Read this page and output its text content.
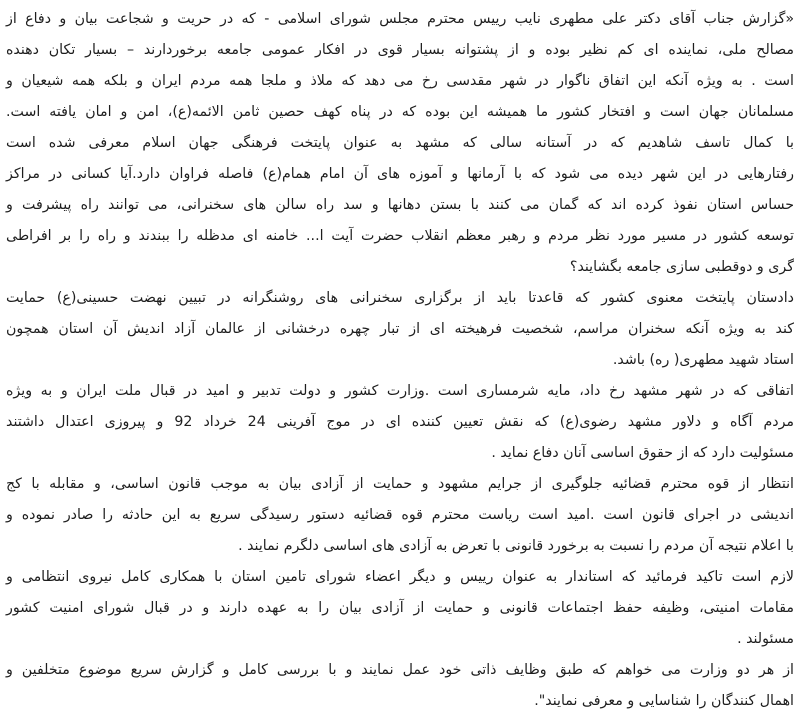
«گزارش جناب آقای دکتر علی مطهری نایب رییس محترم مجلس شورای اسلامی - که در حریت و شجاعت بیان و دفاع از
مصالح ملی، نماینده ای کم نظیر بوده و از پشتوانه بسیار قوی در افکار عمومی جامعه برخوردارند – بسیار تکان دهنده
است . به ویژه آنکه این اتفاق ناگوار در شهر مقدسی رخ می دهد که ملاذ و ملجا همه مردم ایران و بلکه همه شیعیان و
مسلمانان جهان است و افتخار کشور ما همیشه این بوده که در پناه کهف حصین ثامن الائمه(ع)، امن و امان یافته است.
با کمال تاسف شاهدیم که در آستانه سالی که مشهد به عنوان پایتخت فرهنگی جهان اسلام معرفی شده است
رفتارهایی در این شهر دیده می شود که با آرمانها و آموزه های آن امام همام(ع) فاصله فراوان دارد.آیا کسانی در مراکز
حساس استان نفوذ کرده اند که گمان می کنند با بستن دهانها و سد راه سالن های سخنرانی، می توانند راه پیشرفت و
توسعه کشور در مسیر مورد نظر مردم و رهبر معظم انقلاب حضرت آیت ا... خامنه ای مدظله را ببندند و راه را بر افراطی
گری و دوقطبی سازی جامعه بگشایند؟
دادستان پایتخت معنوی کشور که قاعدتا باید از برگزاری سخنرانی های روشنگرانه در تبیین نهضت حسینی(ع) حمایت
کند به ویژه آنکه سخنران مراسم، شخصیت فرهیخته ای از تبار چهره درخشانی از عالمان آزاد اندیش آن استان همچون
استاد شهید مطهری( ره) باشد.
اتفاقی که در شهر مشهد رخ داد، مایه شرمساری است .وزارت کشور و دولت تدبیر و امید در قبال ملت ایران و به ویژه
مردم آگاه و دلاور مشهد رضوی(ع) که نقش تعیین کننده ای در موج آفرینی 24 خرداد 92 و پیروزی اعتدال داشتند
مسئولیت دارد که از حقوق اساسی آنان دفاع نماید .
انتظار از قوه محترم قضائیه جلوگیری از جرایم مشهود و حمایت از آزادی بیان به موجب قانون اساسی، و مقابله با کج
اندیشی در اجرای قانون است .امید است ریاست محترم قوه قضائیه دستور رسیدگی سریع به این حادثه را صادر نموده و
با اعلام نتیجه آن مردم را نسبت به برخورد قانونی با تعرض به آزادی های اساسی دلگرم نمایند .
لازم است تاکید فرمائید که استاندار به عنوان رییس و دیگر اعضاء شورای تامین استان با همکاری کامل نیروی انتظامی و
مقامات امنیتی، وظیفه حفظ اجتماعات قانونی و حمایت از آزادی بیان را به عهده دارند و در قبال شورای امنیت کشور
مسئولند .
از هر دو وزارت می خواهم که طبق وظایف ذاتی خود عمل نمایند و با بررسی کامل و گزارش سریع موضوع متخلفین و
اهمال کنندگان را شناسایی و معرفی نمایند".
